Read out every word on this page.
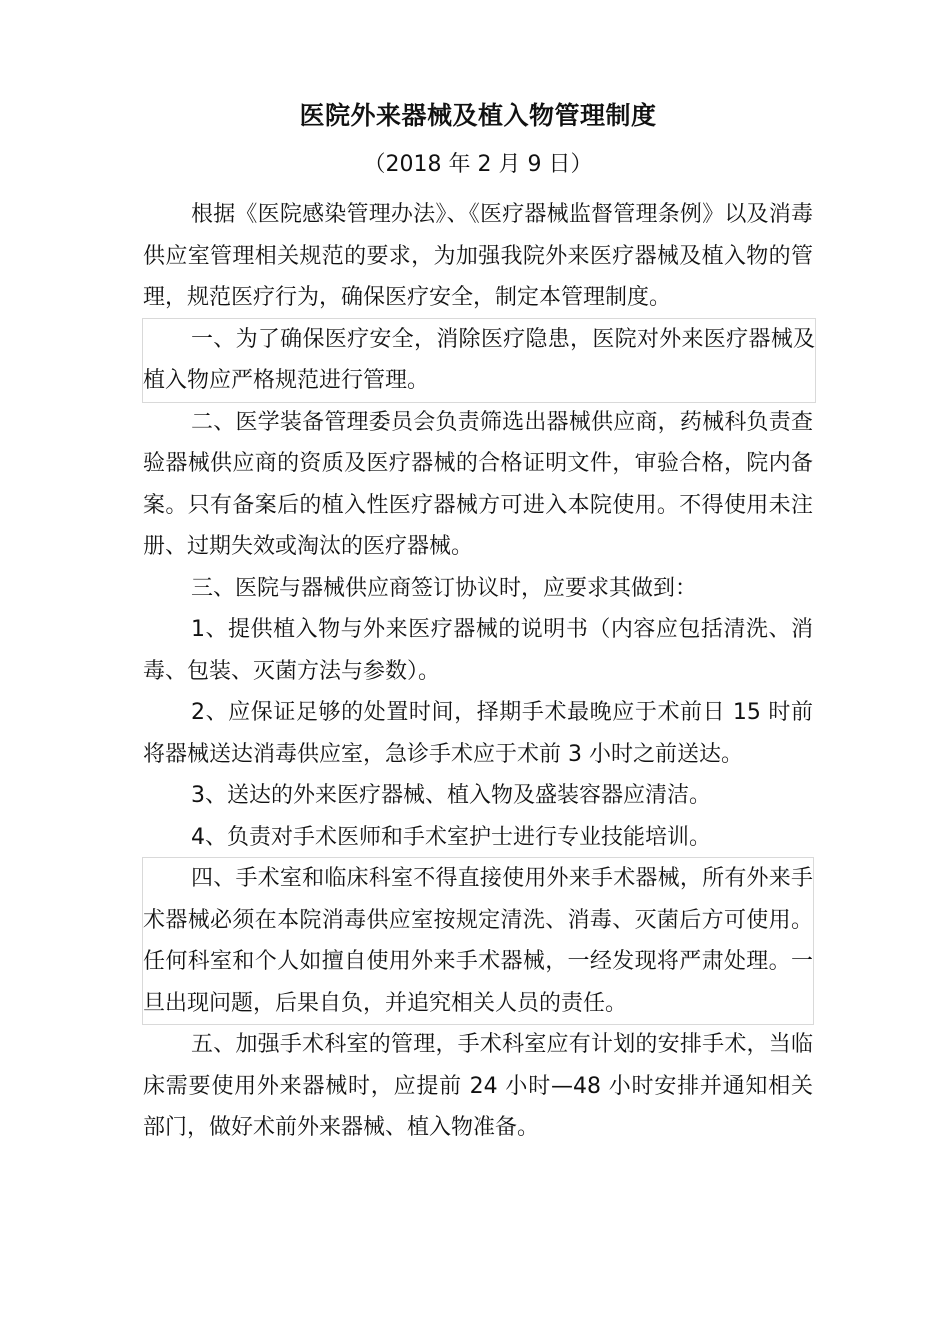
医院外来器械及植入物管理制度
（2018 年 2 月 9 日）

根据《医院感染管理办法》、《医疗器械监督管理条例》以及消毒供应室管理相关规范的要求，为加强我院外来医疗器械及植入物的管理，规范医疗行为，确保医疗安全，制定本管理制度。

一、为了确保医疗安全，消除医疗隐患，医院对外来医疗器械及植入物应严格规范进行管理。

二、医学装备管理委员会负责筛选出器械供应商，药械科负责查验器械供应商的资质及医疗器械的合格证明文件，审验合格，院内备案。只有备案后的植入性医疗器械方可进入本院使用。不得使用未注册、过期失效或淘汰的医疗器械。

三、医院与器械供应商签订协议时，应要求其做到：

1、提供植入物与外来医疗器械的说明书（内容应包括清洗、消毒、包装、灭菌方法与参数）。

2、应保证足够的处置时间，择期手术最晚应于术前日 15 时前将器械送达消毒供应室，急诊手术应于术前 3 小时之前送达。

3、送达的外来医疗器械、植入物及盛装容器应清洁。

4、负责对手术医师和手术室护士进行专业技能培训。

四、手术室和临床科室不得直接使用外来手术器械，所有外来手术器械必须在本院消毒供应室按规定清洗、消毒、灭菌后方可使用。任何科室和个人如擅自使用外来手术器械，一经发现将严肃处理。一旦出现问题，后果自负，并追究相关人员的责任。

五、加强手术科室的管理，手术科室应有计划的安排手术，当临床需要使用外来器械时，应提前 24 小时—48 小时安排并通知相关部门，做好术前外来器械、植入物准备。
